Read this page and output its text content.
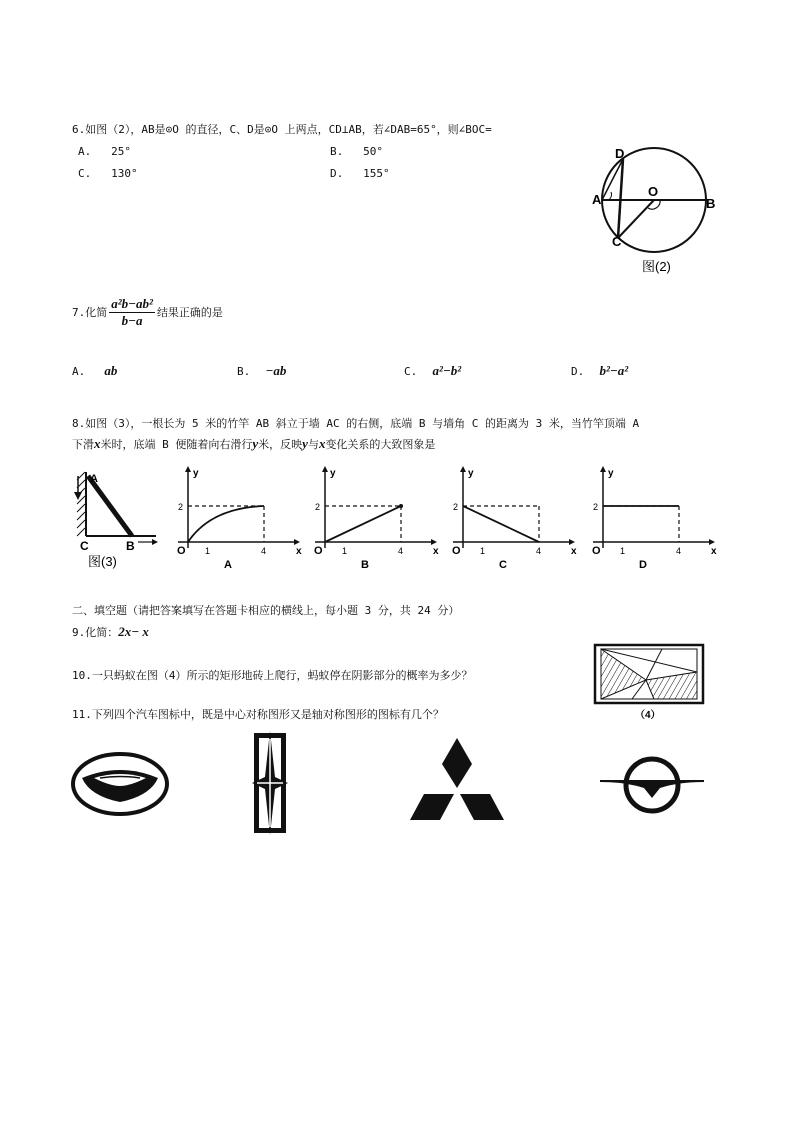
6.如图（2），AB是⊙O 的直径，C、D是⊙O 上两点，CD⊥AB，若∠DAB=65°，则∠BOC=
A. 25°	B. 50°
C. 130°	D. 155°
D
A
O
B
C
图(2)
7.化简 $\frac{\text{a²b−ab²}}{b-a}$ 结果正确的是
A. ab	B. −ab	C. a²−b²	D. b²−a²
8.如图（3），一根长为 5 米的竹竿 AB 斜立于墙 AC 的右侧，底端 B 与墙角 C 的距离为 3 米，当竹竿顶端 A
下滑x米时，底端 B 便随着向右滑行y米，反映y与x变化关系的大致图象是
A
C	B
图(3)
y
x
O 1	4
2
A
y
x
O 1	4
2
B
y
x
O 1	4
2
C
y
x
O 1	4
2
D
二、填空题（请把答案填写在答题卡相应的横线上，每小题 3 分，共 24 分）
9.化简：2x− x
10.一只蚂蚁在图（4）所示的矩形地砖上爬行，蚂蚁停在阴影部分的概率为多少？
（4）
11.下列四个汽车图标中，既是中心对称图形又是轴对称图形的图标有几个？
